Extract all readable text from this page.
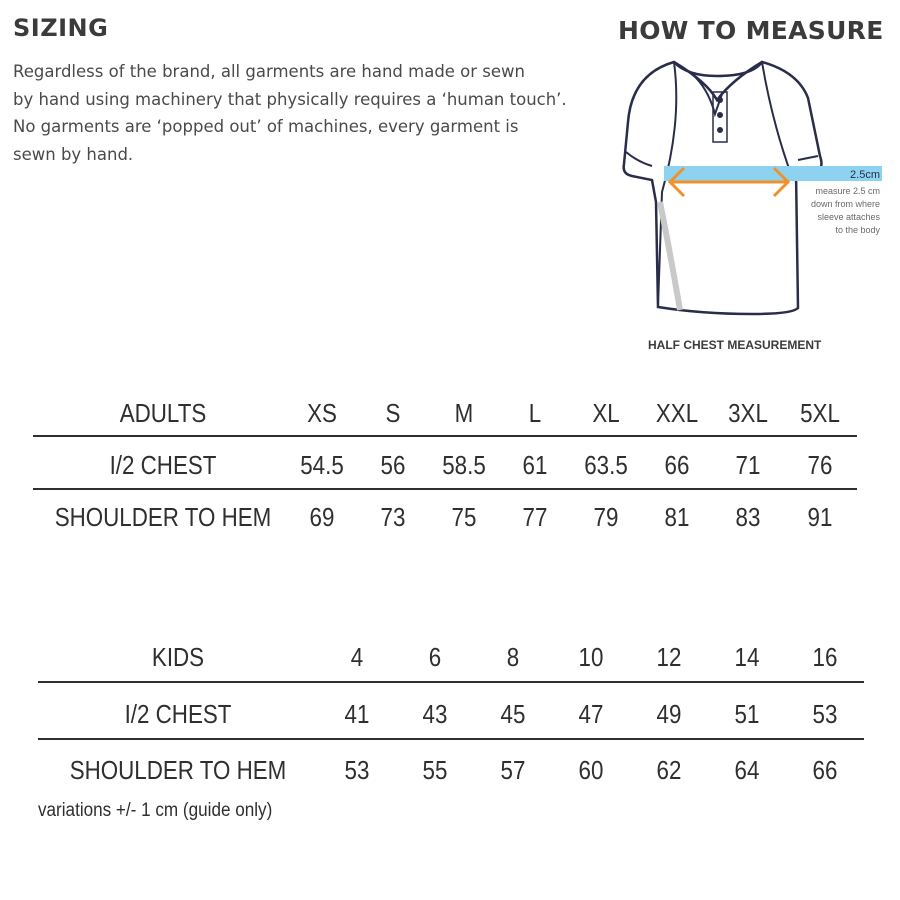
SIZING
Regardless of the brand, all garments are hand made or sewn
by hand using machinery that physically requires a ‘human touch’.
No garments are ‘popped out’ of machines, every garment is
sewn by hand.
HOW TO MEASURE
2.5cm
measure 2.5 cm
down from where
sleeve attaches
to the body
HALF CHEST MEASUREMENT
ADULTS	XS	S	M	L	XL	XXL	3XL	5XL
I/2 CHEST	54.5	56	58.5	61	63.5	66	71	76
SHOULDER TO HEM	69	73	75	77	79	81	83	91
KIDS	4	6	8	10	12	14	16
I/2 CHEST	41	43	45	47	49	51	53
SHOULDER TO HEM	53	55	57	60	62	64	66
variations +/- 1 cm (guide only)
